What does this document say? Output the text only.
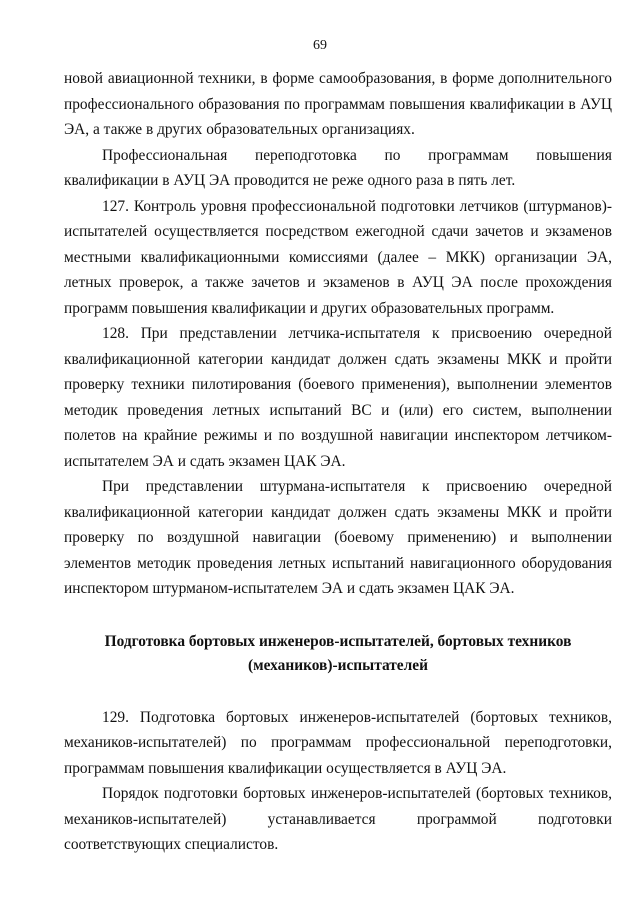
69

новой авиационной техники, в форме самообразования, в форме дополнительного профессионального образования по программам повышения квалификации в АУЦ ЭА, а также в других образовательных организациях.

Профессиональная переподготовка по программам повышения квалификации в АУЦ ЭА проводится не реже одного раза в пять лет.

127. Контроль уровня профессиональной подготовки летчиков (штурманов)-испытателей осуществляется посредством ежегодной сдачи зачетов и экзаменов местными квалификационными комиссиями (далее – МКК) организации ЭА, летных проверок, а также зачетов и экзаменов в АУЦ ЭА после прохождения программ повышения квалификации и других образовательных программ.

128. При представлении летчика-испытателя к присвоению очередной квалификационной категории кандидат должен сдать экзамены МКК и пройти проверку техники пилотирования (боевого применения), выполнении элементов методик проведения летных испытаний ВС и (или) его систем, выполнении полетов на крайние режимы и по воздушной навигации инспектором летчиком-испытателем ЭА и сдать экзамен ЦАК ЭА.

При представлении штурмана-испытателя к присвоению очередной квалификационной категории кандидат должен сдать экзамены МКК и пройти проверку по воздушной навигации (боевому применению) и выполнении элементов методик проведения летных испытаний навигационного оборудования инспектором штурманом-испытателем ЭА и сдать экзамен ЦАК ЭА.

Подготовка бортовых инженеров-испытателей, бортовых техников
(механиков)-испытателей

129. Подготовка бортовых инженеров-испытателей (бортовых техников, механиков-испытателей) по программам профессиональной переподготовки, программам повышения квалификации осуществляется в АУЦ ЭА.

Порядок подготовки бортовых инженеров-испытателей (бортовых техников, механиков-испытателей) устанавливается программой подготовки соответствующих специалистов.
